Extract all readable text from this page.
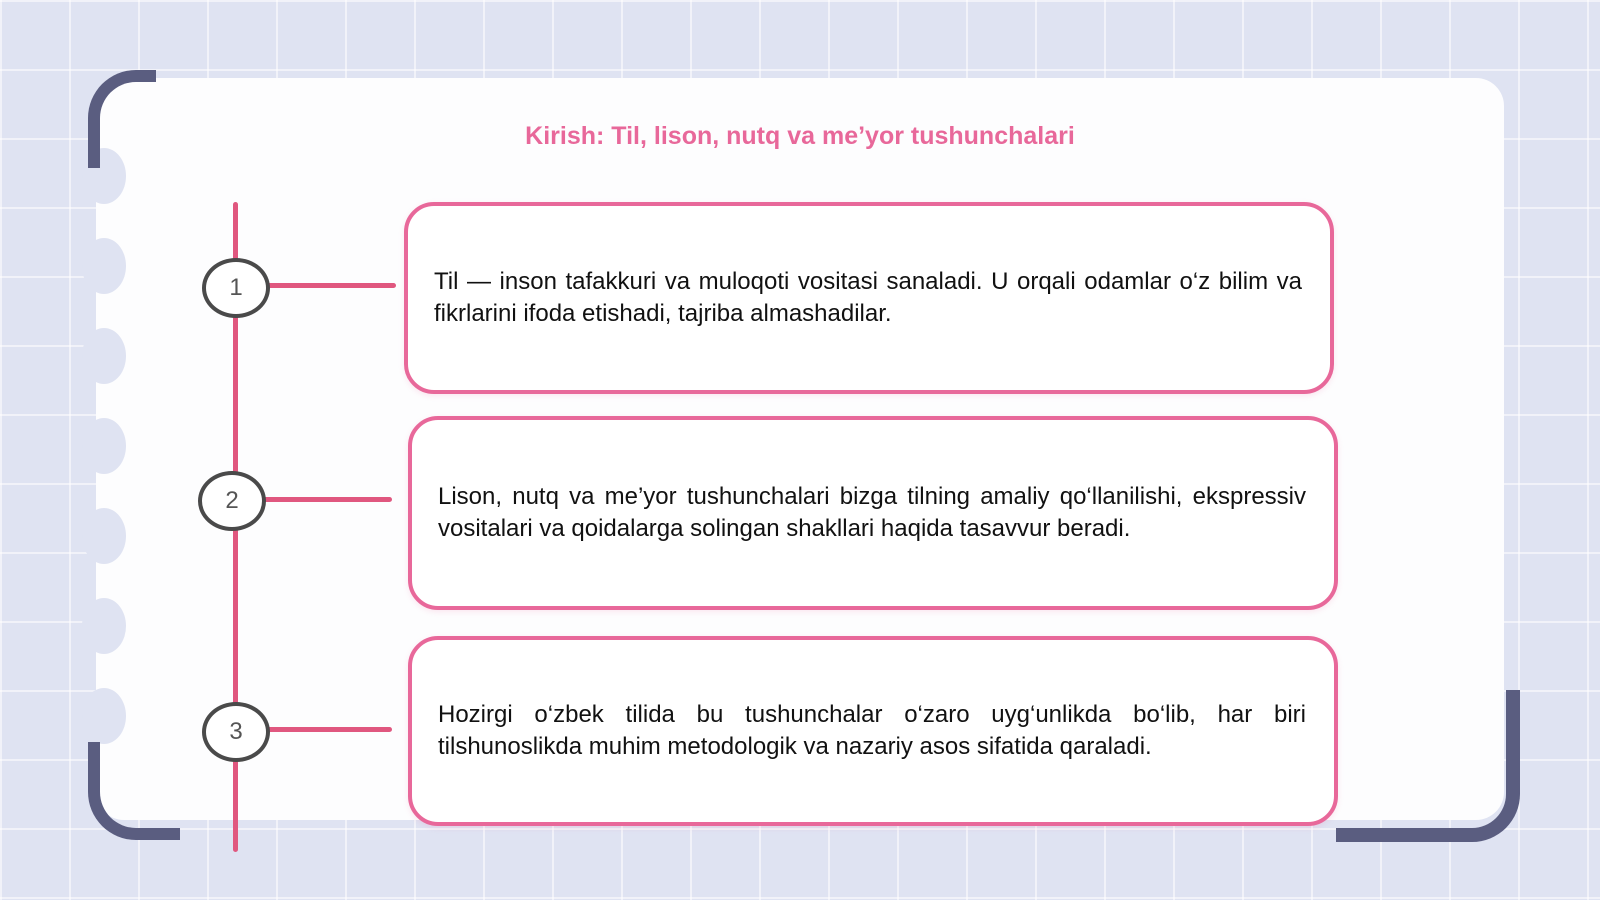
Kirish: Til, lison, nutq va me’yor tushunchalari
1	Til — inson tafakkuri va muloqoti vositasi sanaladi. U orqali odamlar o‘z bilim va fikrlarini ifoda etishadi, tajriba almashadilar.

2	Lison, nutq va me’yor tushunchalari bizga tilning amaliy qo‘llanilishi, ekspressiv vositalari va qoidalarga solingan shakllari haqida tasavvur beradi.

3

Hozirgi o‘zbek tilida bu tushunchalar o‘zaro uyg‘unlikda bo‘lib, har biri tilshunoslikda muhim metodologik va nazariy asos sifatida qaraladi.
